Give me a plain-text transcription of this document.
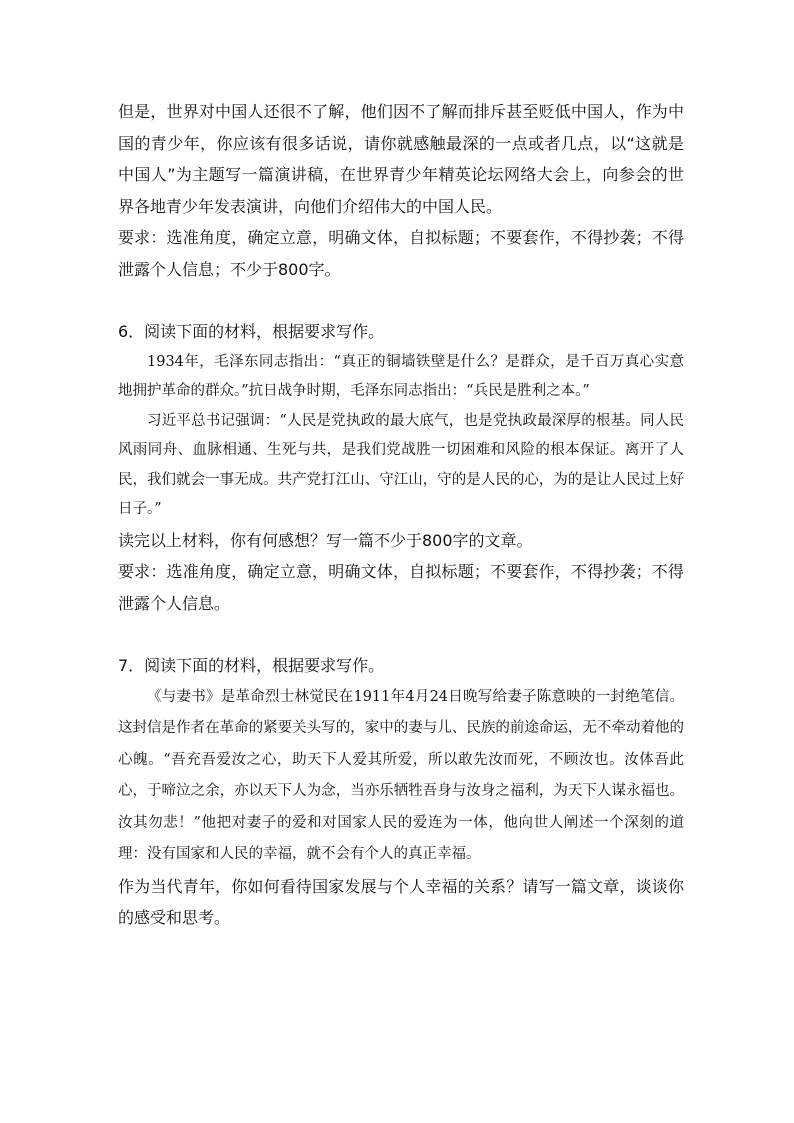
但是，世界对中国人还很不了解，他们因不了解而排斥甚至贬低中国人，作为中国的青少年，你应该有很多话说，请你就感触最深的一点或者几点，以“这就是中国人”为主题写一篇演讲稿，在世界青少年精英论坛网络大会上，向参会的世界各地青少年发表演讲，向他们介绍伟大的中国人民。

要求：选准角度，确定立意，明确文体，自拟标题；不要套作，不得抄袭；不得泄露个人信息；不少于800字。

6．阅读下面的材料，根据要求写作。

1934年，毛泽东同志指出：“真正的铜墙铁壁是什么？是群众，是千百万真心实意地拥护革命的群众。”抗日战争时期，毛泽东同志指出：“兵民是胜利之本。”

习近平总书记强调：“人民是党执政的最大底气，也是党执政最深厚的根基。同人民风雨同舟、血脉相通、生死与共，是我们党战胜一切困难和风险的根本保证。离开了人民，我们就会一事无成。共产党打江山、守江山，守的是人民的心，为的是让人民过上好日子。”

读完以上材料，你有何感想？写一篇不少于800字的文章。

要求：选准角度，确定立意，明确文体，自拟标题；不要套作，不得抄袭；不得泄露个人信息。

7．阅读下面的材料，根据要求写作。

《与妻书》是革命烈士林觉民在1911年4月24日晚写给妻子陈意映的一封绝笔信。这封信是作者在革命的紧要关头写的，家中的妻与儿、民族的前途命运，无不牵动着他的心魄。“吾充吾爱汝之心，助天下人爱其所爱，所以敢先汝而死，不顾汝也。汝体吾此心，于啼泣之余，亦以天下人为念，当亦乐牺牲吾身与汝身之福利，为天下人谋永福也。汝其勿悲！”他把对妻子的爱和对国家人民的爱连为一体，他向世人阐述一个深刻的道理：没有国家和人民的幸福，就不会有个人的真正幸福。

作为当代青年，你如何看待国家发展与个人幸福的关系？请写一篇文章，谈谈你的感受和思考。
